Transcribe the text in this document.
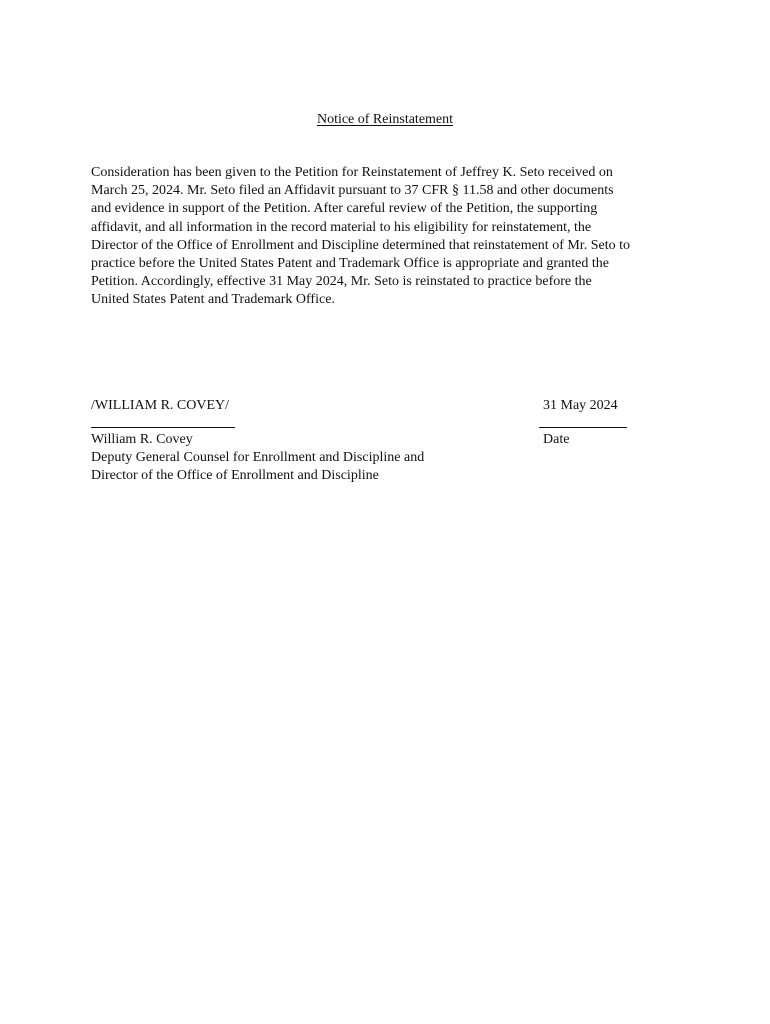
Notice of Reinstatement
Consideration has been given to the Petition for Reinstatement of Jeffrey K. Seto received on
March 25, 2024. Mr. Seto filed an Affidavit pursuant to 37 CFR § 11.58 and other documents
and evidence in support of the Petition. After careful review of the Petition, the supporting
affidavit, and all information in the record material to his eligibility for reinstatement, the
Director of the Office of Enrollment and Discipline determined that reinstatement of Mr. Seto to
practice before the United States Patent and Trademark Office is appropriate and granted the
Petition. Accordingly, effective 31 May 2024, Mr. Seto is reinstated to practice before the
United States Patent and Trademark Office.
/WILLIAM R. COVEY/
William R. Covey
Deputy General Counsel for Enrollment and Discipline and
Director of the Office of Enrollment and Discipline
31 May 2024
Date
